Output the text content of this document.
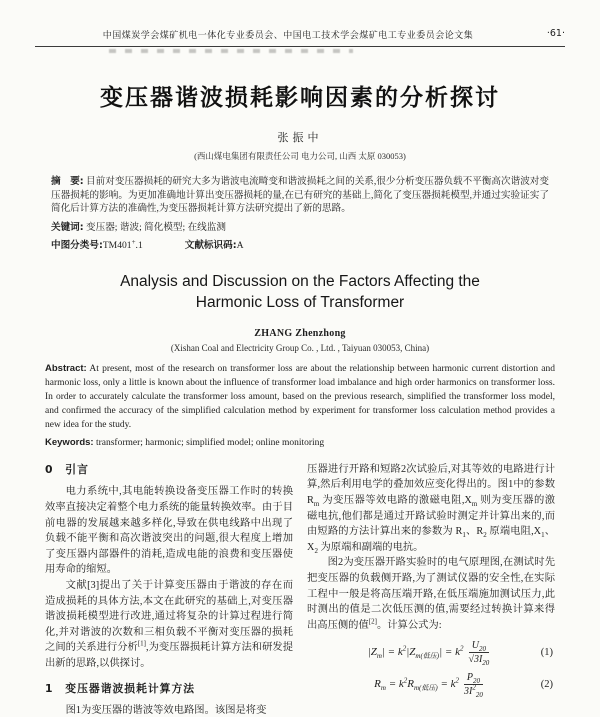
中国煤炭学会煤矿机电一体化专业委员会、中国电工技术学会煤矿电工专业委员会论文集	·61·
变压器谐波损耗影响因素的分析探讨
张振中
(西山煤电集团有限责任公司 电力公司, 山西 太原 030053)

摘　要: 目前对变压器损耗的研究大多为谐波电流畸变和谐波损耗之间的关系,很少分析变压器负载不平衡高次谐波对变压器损耗的影响。为更加准确地计算出变压器损耗的量,在已有研究的基础上,简化了变压器损耗模型,并通过实验证实了简化后计算方法的准确性,为变压器损耗计算方法研究提出了新的思路。

关键词: 变压器; 谐波; 简化模型; 在线监测
中图分类号:TM401+.1	文献标识码:A
Analysis and Discussion on the Factors Affecting the Harmonic Loss of Transformer
ZHANG Zhenzhong
(Xishan Coal and Electricity Group Co. , Ltd. , Taiyuan 030053, China)

Abstract: At present, most of the research on transformer loss are about the relationship between harmonic current distortion and harmonic loss, only a little is known about the influence of transformer load imbalance and high order harmonics on transformer loss. In order to accurately calculate the transformer loss amount, based on the previous research, simplified the transformer loss model, and confirmed the accuracy of the simplified calculation method by experiment for transformer loss calculation method provides a new idea for the study.

Keywords: transformer; harmonic; simplified model; online monitoring
0　引言

电力系统中,其电能转换设备变压器工作时的转换效率直接决定着整个电力系统的能量转换效率。由于目前电器的发展越来越多样化,导致在供电线路中出现了负载不能平衡和高次谐波突出的问题,很大程度上增加了变压器内部器件的消耗,造成电能的浪费和变压器使用寿命的缩短。

文献[3]提出了关于计算变压器由于谐波的存在而造成损耗的具体方法,本文在此研究的基础上,对变压器谐波损耗模型进行改进,通过将复杂的计算过程进行简化,并对谐波的次数和三相负载不平衡对变压器的损耗之间的关系进行分析[1],为变压器损耗计算方法和研发提出新的思路,以供探讨。

1　变压器谐波损耗计算方法

图1为变压器的谐波等效电路图。该图是将变

压器进行开路和短路2次试验后,对其等效的电路进行计算,然后利用电学的叠加效应变化得出的。图1中的参数 $R_m$ 为变压器等效电路的激磁电阻$,X_m$ 则为变压器的激磁电抗,他们都是通过开路试验时测定并计算出来的,而由短路的方法计算出来的参数为 $R_1$、$R_2$ 原端电阻$,X_1$、$X_2$ 为原端和副端的电抗。

图2为变压器开路实验时的电气原理图,在测试时先把变压器的负载侧开路,为了测试仪器的安全性,在实际工程中一般是将高压端开路,在低压端施加测试压力,此时测出的值是二次低压测的值,需要经过转换计算来得出高压侧的值[2]。计算公式为:

$|Z_m| = k^2|Z_{m(低压)}| = k^2 \frac{U_{20}}{√3I_{20}}$	(1)
$R_m = k^2R_{m(低压)} = k^2 \frac{P_{20}}{3I^2_{20}}$	(2)
